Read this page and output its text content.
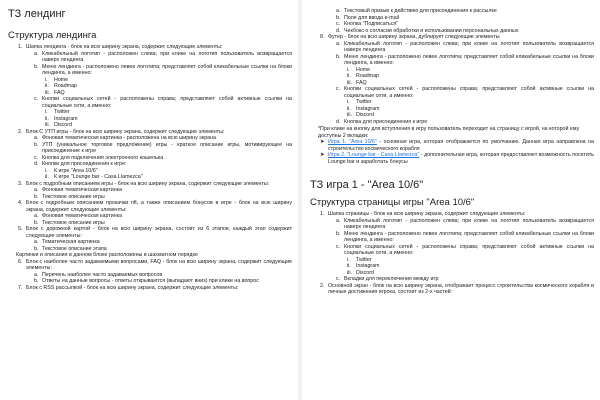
ТЗ лендинг
Структура лендинга
1. Шапка лендинга - блок на всю ширину экрана, содержит следующие элементы:
a. Кликабельный логотип - расположен слева; при клике на логотип пользователь возвращается наверх лендинга
b. Меню лендинга - расположено левее логотипа; представляет собой кликабельные ссылки на блоки лендинга, а именно:
i. Home
ii. Roadmap
iii. FAQ
c. Кнопки социальных сетей - расположены справа; представляют собой активные ссылки на социальные сети, а именно:
i. Twitter
ii. Instagram
iii. Discord
2. Блок С УТП игры - блок на всю ширину экрана, содержит следующие элементы:
a. Фоновая тематическая картинка - расположена на всю ширину экрана
b. УТП (уникальное торговое предложение) игры - краткое описание игры, мотивирующее на присоединение к игре
c. Кнопка для подключения электронного кошелька
d. Кнопки для присоединения к игре:
i. К игре "Area 10/6"
ii. К игре "Lounge bar - Casa Llamezca"
3. Блок с подробным описанием игры - блок на всю ширину экрана, содержит следующие элементы:
a. Фоновая тематическая картинка
b. Текстовое описание игры
4. Блок с подробным описанием прокачки nft, а также описанием бонусов в игре - блок на всю ширину экрана, содержит следующие элементы:
a. Фоновая тематическая картинка
b. Текстовое описание игры
5. Блок с дорожной картой - блок на всю ширину экрана, состоит из 6 этапов, каждый этап содержит следующие элементы:
a. Тематическая картинка
b. Текстовое описание этапа
Картинки и описания в данном блоке расположены в шахматном порядке
6. Блок с наиболее часто задаваемыми вопросами, FAQ - блок на всю ширину экрана, содержит следующие элементы:
a. Перечень наиболее часто задаваемых вопросов
b. Ответы на данные вопросы - ответы открываются (выпадают вниз) при клике на вопрос
7. Блок с RSS рассылкой - блок на всю ширину экрана, содержит следующие элементы:
a. Текстовый призыв к действию для присоединения к рассылке
b. Поле для ввода e-mail
c. Кнопка "Подписаться"
d. Чекбокс о согласии обработки и использовании персональных данных
8. Футер - блок на всю ширину экрана, дублирует следующие элементы
a. Кликабельный логотип - расположен слева; при клике на логотип пользователь возвращается наверх лендинга
b. Меню лендинга - расположено левее логотипа; представляет собой кликабельные ссылки на блоки лендинга, а именно:
i. Home
ii. Roadmap
iii. FAQ
c. Кнопки социальных сетей - расположены справа; представляют собой активные ссылки на социальные сети, а именно:
i. Twitter
ii. Instagram
iii. Discord
d. Кнопка для присоединения к игре
*При клике на кнопку для вступления в игру пользователь переходит на страницу с игрой, на которой ему доступны 2 вкладки:
➤ Игра 1. "Area 10/6" - основная игра, которая отображается по умолчанию. Данная игра направлена на строительство космического корабля
➤ Игра 2. "Lounge bar - Casa Llamezca" - дополнительная игра, которая предоставляет возможность посетить Lounge bar и заработать бонусы
ТЗ игра 1 - "Area 10/6"
Структура страницы игры "Area 10/6"
1. Шапка страницы - блок на всю ширину экрана, содержит следующие элементы:
a. Кликабельный логотип - расположен слева; при клике на логотип пользователь возвращается наверх лендинга
b. Меню лендинга - расположено левее логотипа; представляет собой кликабельные ссылки на блоки лендинга, а именно:
c. Кнопки социальных сетей - расположены справа; представляют собой активные ссылки на социальные сети, а именно:
i. Twitter
ii. Instagram
iii. Discord
c. Вкладки для переключения между игр
2. Основной экран - блок на всю ширину экрана, отображает процесс строительства космического корабля и личные достижения игрока, состоит из 2-х частей:
